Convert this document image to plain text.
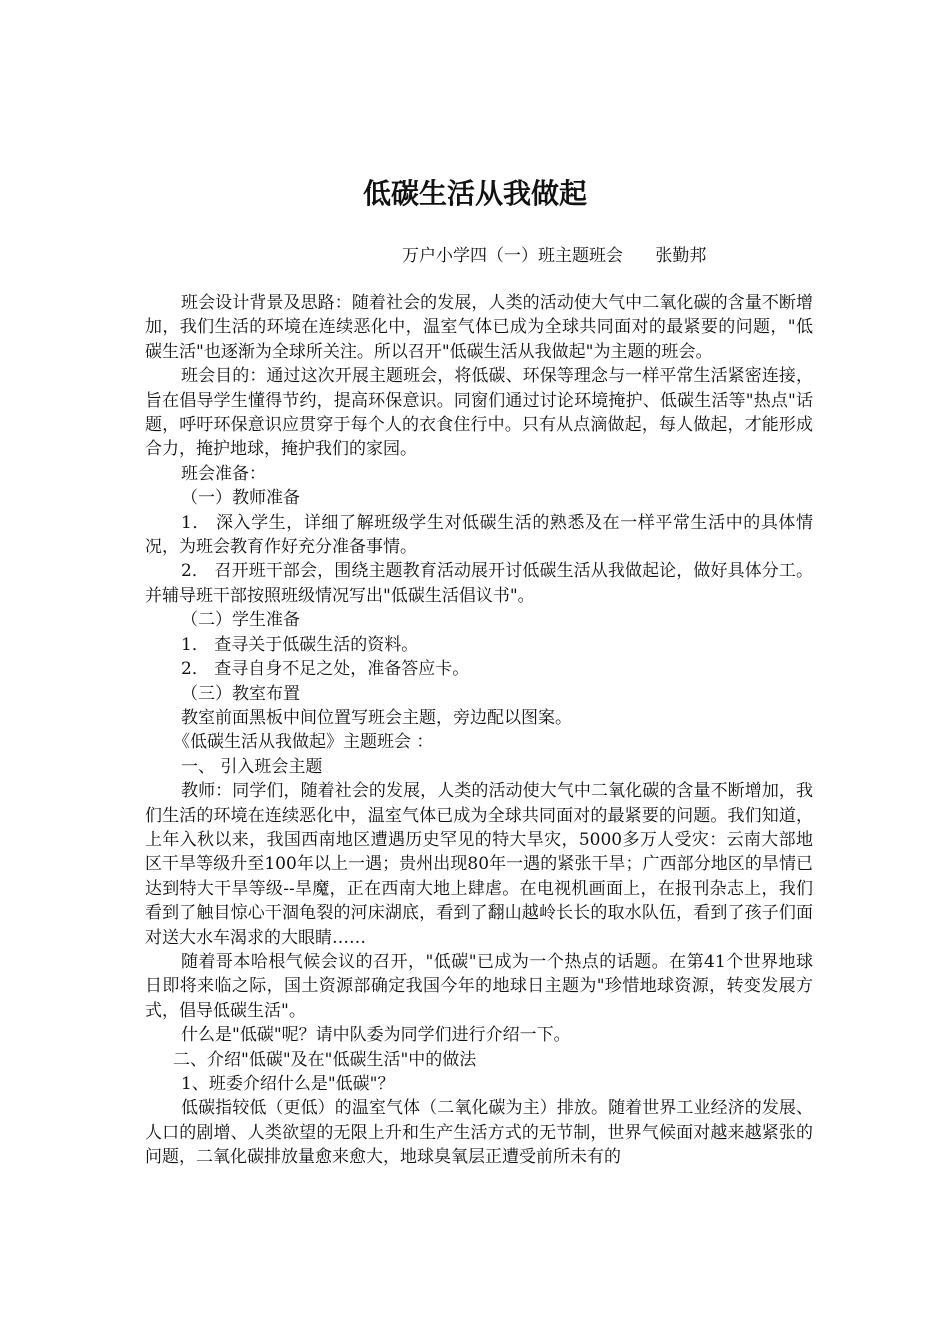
低碳生活从我做起

万户小学四（一）班主题班会      张勤邦

班会设计背景及思路：随着社会的发展，人类的活动使大气中二氧化碳的含量不断增加，我们生活的环境在连续恶化中，温室气体已成为全球共同面对的最紧要的问题，"低碳生活"也逐渐为全球所关注。所以召开"低碳生活从我做起"为主题的班会。

班会目的：通过这次开展主题班会，将低碳、环保等理念与一样平常生活紧密连接，旨在倡导学生懂得节约，提高环保意识。同窗们通过讨论环境掩护、低碳生活等"热点"话题，呼吁环保意识应贯穿于每个人的衣食住行中。只有从点滴做起，每人做起，才能形成合力，掩护地球，掩护我们的家园。

班会准备：

（一）教师准备

1． 深入学生，详细了解班级学生对低碳生活的熟悉及在一样平常生活中的具体情况，为班会教育作好充分准备事情。

2． 召开班干部会，围绕主题教育活动展开讨低碳生活从我做起论，做好具体分工。并辅导班干部按照班级情况写出"低碳生活倡议书"。

（二）学生准备

1． 查寻关于低碳生活的资料。

2． 查寻自身不足之处，准备答应卡。

（三）教室布置

教室前面黑板中间位置写班会主题，旁边配以图案。

《低碳生活从我做起》主题班会 ：

一、 引入班会主题

教师：同学们，随着社会的发展，人类的活动使大气中二氧化碳的含量不断增加，我们生活的环境在连续恶化中，温室气体已成为全球共同面对的最紧要的问题。我们知道，上年入秋以来，我国西南地区遭遇历史罕见的特大旱灾，5000多万人受灾：云南大部地区干旱等级升至100年以上一遇；贵州出现80年一遇的紧张干旱；广西部分地区的旱情已达到特大干旱等级--旱魔，正在西南大地上肆虐。在电视机画面上，在报刊杂志上，我们看到了触目惊心干涸龟裂的河床湖底，看到了翻山越岭长长的取水队伍，看到了孩子们面对送大水车渴求的大眼睛……

随着哥本哈根气候会议的召开，"低碳"已成为一个热点的话题。在第41个世界地球日即将来临之际，国土资源部确定我国今年的地球日主题为"珍惜地球资源，转变发展方式，倡导低碳生活"。

什么是"低碳"呢？请中队委为同学们进行介绍一下。

二、介绍"低碳"及在"低碳生活"中的做法

1、班委介绍什么是"低碳"？

低碳指较低（更低）的温室气体（二氧化碳为主）排放。随着世界工业经济的发展、人口的剧增、人类欲望的无限上升和生产生活方式的无节制，世界气候面对越来越紧张的问题，二氧化碳排放量愈来愈大，地球臭氧层正遭受前所未有的
